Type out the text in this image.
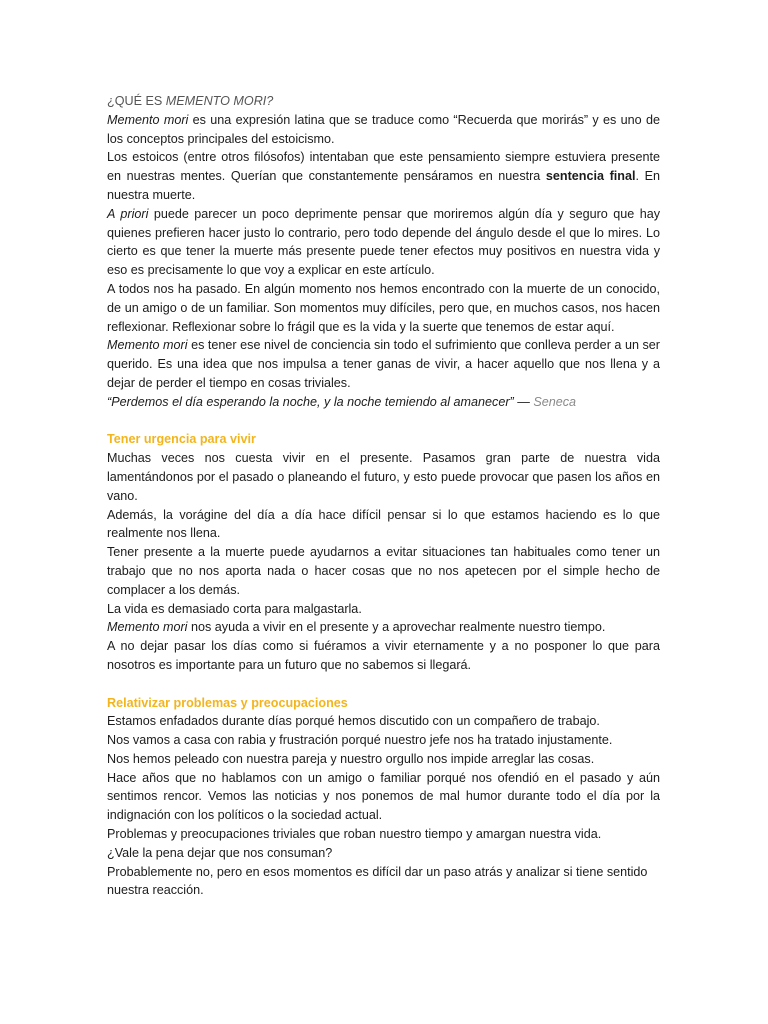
¿QUÉ ES MEMENTO MORI?

Memento mori es una expresión latina que se traduce como “Recuerda que morirás” y es uno de los conceptos principales del estoicismo.

Los estoicos (entre otros filósofos) intentaban que este pensamiento siempre estuviera presente en nuestras mentes. Querían que constantemente pensáramos en nuestra sentencia final. En nuestra muerte.

A priori puede parecer un poco deprimente pensar que moriremos algún día y seguro que hay quienes prefieren hacer justo lo contrario, pero todo depende del ángulo desde el que lo mires. Lo cierto es que tener la muerte más presente puede tener efectos muy positivos en nuestra vida y eso es precisamente lo que voy a explicar en este artículo.

A todos nos ha pasado. En algún momento nos hemos encontrado con la muerte de un conocido, de un amigo o de un familiar. Son momentos muy difíciles, pero que, en muchos casos, nos hacen reflexionar. Reflexionar sobre lo frágil que es la vida y la suerte que tenemos de estar aquí.

Memento mori es tener ese nivel de conciencia sin todo el sufrimiento que conlleva perder a un ser querido. Es una idea que nos impulsa a tener ganas de vivir, a hacer aquello que nos llena y a dejar de perder el tiempo en cosas triviales.

“Perdemos el día esperando la noche, y la noche temiendo al amanecer” — Seneca

Tener urgencia para vivir

Muchas veces nos cuesta vivir en el presente. Pasamos gran parte de nuestra vida lamentándonos por el pasado o planeando el futuro, y esto puede provocar que pasen los años en vano.

Además, la vorágine del día a día hace difícil pensar si lo que estamos haciendo es lo que realmente nos llena.

Tener presente a la muerte puede ayudarnos a evitar situaciones tan habituales como tener un trabajo que no nos aporta nada o hacer cosas que no nos apetecen por el simple hecho de complacer a los demás.

La vida es demasiado corta para malgastarla.

Memento mori nos ayuda a vivir en el presente y a aprovechar realmente nuestro tiempo.

A no dejar pasar los días como si fuéramos a vivir eternamente y a no posponer lo que para nosotros es importante para un futuro que no sabemos si llegará.

Relativizar problemas y preocupaciones

Estamos enfadados durante días porqué hemos discutido con un compañero de trabajo.

Nos vamos a casa con rabia y frustración porqué nuestro jefe nos ha tratado injustamente.

Nos hemos peleado con nuestra pareja y nuestro orgullo nos impide arreglar las cosas.

Hace años que no hablamos con un amigo o familiar porqué nos ofendió en el pasado y aún sentimos rencor. Vemos las noticias y nos ponemos de mal humor durante todo el día por la indignación con los políticos o la sociedad actual.

Problemas y preocupaciones triviales que roban nuestro tiempo y amargan nuestra vida.

¿Vale la pena dejar que nos consuman?

Probablemente no, pero en esos momentos es difícil dar un paso atrás y analizar si tiene sentido nuestra reacción.
